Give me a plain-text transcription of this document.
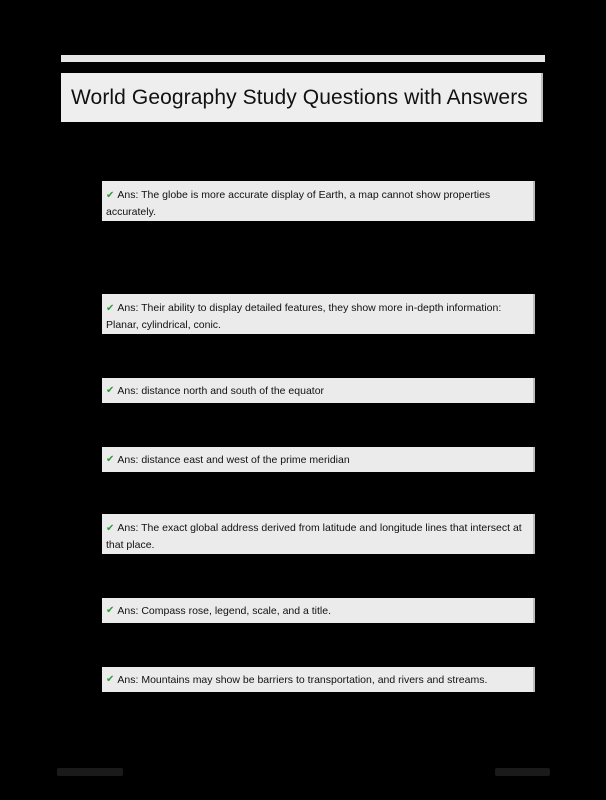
World Geography Study Questions with Answers
✔ Ans: The globe is more accurate display of Earth, a map cannot show properties accurately.
✔ Ans: Their ability to display detailed features, they show more in-depth information: Planar, cylindrical, conic.
✔ Ans:
distance north and south of the equator
✔ Ans:
distance east and west of the prime meridian
✔ Ans: The exact global address derived from latitude and longitude lines that intersect at that place.
✔ Ans:
Compass rose, legend, scale, and a title.
✔ Ans:
Mountains may show be barriers to transportation, and rivers and streams.
